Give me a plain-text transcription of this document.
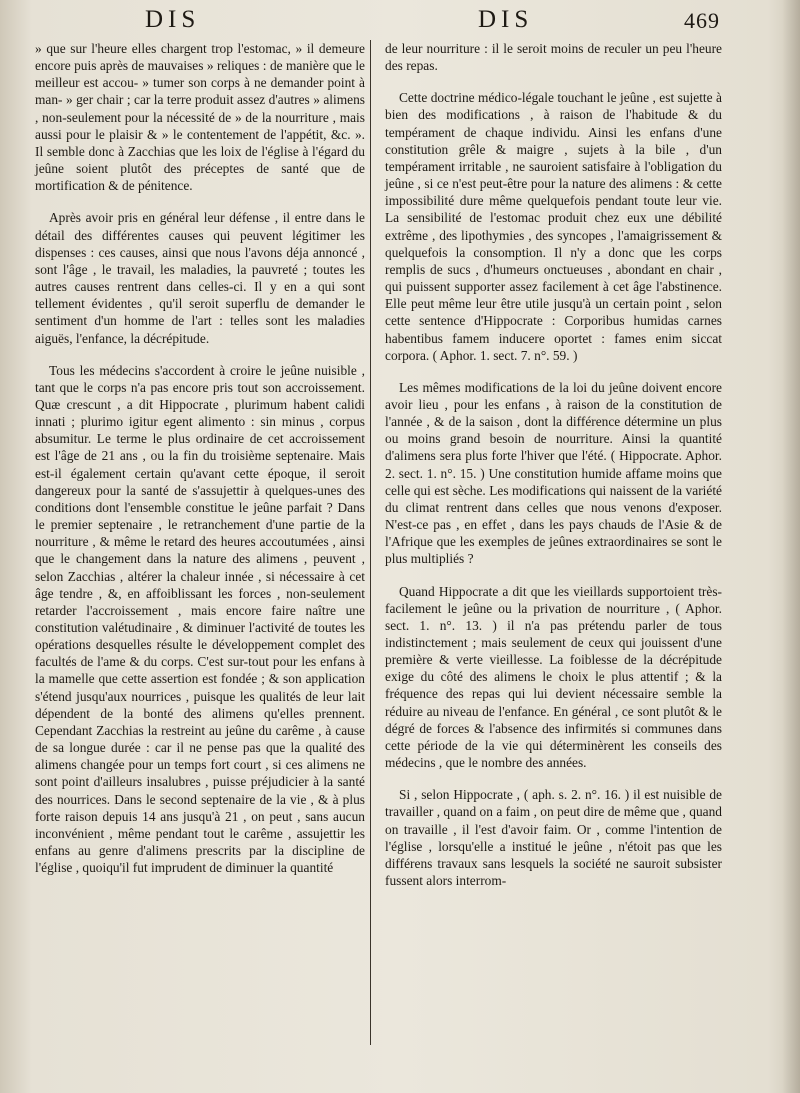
DIS	DIS	469

» que sur l'heure elles chargent trop l'estomac, » il demeure encore puis après de mauvaises » reliques : de manière que le meilleur est accou- » tumer son corps à ne demander point à man- » ger chair ; car la terre produit assez d'autres » alimens , non-seulement pour la nécessité de » de la nourriture , mais aussi pour le plaisir & » le contentement de l'appétit, &c. ». Il semble donc à Zacchias que les loix de l'église à l'égard du jeûne soient plutôt des préceptes de santé que de mortification & de pénitence.

Après avoir pris en général leur défense , il entre dans le détail des différentes causes qui peuvent légitimer les dispenses : ces causes, ainsi que nous l'avons déja annoncé , sont l'âge , le travail, les maladies, la pauvreté ; toutes les autres causes rentrent dans celles-ci. Il y en a qui sont tellement évidentes , qu'il seroit superflu de demander le sentiment d'un homme de l'art : telles sont les maladies aiguës, l'enfance, la décrépitude.

Tous les médecins s'accordent à croire le jeûne nuisible , tant que le corps n'a pas encore pris tout son accroissement. Quæ crescunt , a dit Hippocrate , plurimum habent calidi innati ; plurimo igitur egent alimento : sin minus , corpus absumitur. Le terme le plus ordinaire de cet accroissement est l'âge de 21 ans , ou la fin du troisième septenaire. Mais est-il également certain qu'avant cette époque, il seroit dangereux pour la santé de s'assujettir à quelques-unes des conditions dont l'ensemble constitue le jeûne parfait ? Dans le premier septenaire , le retranchement d'une partie de la nourriture , & même le retard des heures accoutumées , ainsi que le changement dans la nature des alimens , peuvent , selon Zacchias , altérer la chaleur innée , si nécessaire à cet âge tendre , &, en affoiblissant les forces , non-seulement retarder l'accroissement , mais encore faire naître une constitution valétudinaire , & diminuer l'activité de toutes les opérations desquelles résulte le développement complet des facultés de l'ame & du corps. C'est sur-tout pour les enfans à la mamelle que cette assertion est fondée ; & son application s'étend jusqu'aux nourrices , puisque les qualités de leur lait dépendent de la bonté des alimens qu'elles prennent. Cependant Zacchias la restreint au jeûne du carême , à cause de sa longue durée : car il ne pense pas que la qualité des alimens changée pour un temps fort court , si ces alimens ne sont point d'ailleurs insalubres , puisse préjudicier à la santé des nourrices. Dans le second septenaire de la vie , & à plus forte raison depuis 14 ans jusqu'à 21 , on peut , sans aucun inconvénient , même pendant tout le carême , assujettir les enfans au genre d'alimens prescrits par la discipline de l'église , quoiqu'il fut imprudent de diminuer la quantité

de leur nourriture : il le seroit moins de reculer un peu l'heure des repas.

Cette doctrine médico-légale touchant le jeûne , est sujette à bien des modifications , à raison de l'habitude & du tempérament de chaque individu. Ainsi les enfans d'une constitution grêle & maigre , sujets à la bile , d'un tempérament irritable , ne sauroient satisfaire à l'obligation du jeûne , si ce n'est peut-être pour la nature des alimens : & cette impossibilité dure même quelquefois pendant toute leur vie. La sensibilité de l'estomac produit chez eux une débilité extrême , des lipothymies , des syncopes , l'amaigrissement & quelquefois la consomption. Il n'y a donc que les corps remplis de sucs , d'humeurs onctueuses , abondant en chair , qui puissent supporter assez facilement à cet âge l'abstinence. Elle peut même leur être utile jusqu'à un certain point , selon cette sentence d'Hippocrate : Corporibus humidas carnes habentibus famem inducere oportet : fames enim siccat corpora. ( Aphor. 1. sect. 7. n°. 59. )

Les mêmes modifications de la loi du jeûne doivent encore avoir lieu , pour les enfans , à raison de la constitution de l'année , & de la saison , dont la différence détermine un plus ou moins grand besoin de nourriture. Ainsi la quantité d'alimens sera plus forte l'hiver que l'été. ( Hippocrate. Aphor. 2. sect. 1. n°. 15. ) Une constitution humide affame moins que celle qui est sèche. Les modifications qui naissent de la variété du climat rentrent dans celles que nous venons d'exposer. N'est-ce pas , en effet , dans les pays chauds de l'Asie & de l'Afrique que les exemples de jeûnes extraordinaires se sont le plus multipliés ?

Quand Hippocrate a dit que les vieillards supportoient très-facilement le jeûne ou la privation de nourriture , ( Aphor. sect. 1. n°. 13. ) il n'a pas prétendu parler de tous indistinctement ; mais seulement de ceux qui jouissent d'une première & verte vieillesse. La foiblesse de la décrépitude exige du côté des alimens le choix le plus attentif ; & la fréquence des repas qui lui devient nécessaire semble la réduire au niveau de l'enfance. En général , ce sont plutôt & le dégré de forces & l'absence des infirmités si communes dans cette période de la vie qui déterminèrent les conseils des médecins , que le nombre des années.

Si , selon Hippocrate , ( aph. s. 2. n°. 16. ) il est nuisible de travailler , quand on a faim , on peut dire de même que , quand on travaille , il l'est d'avoir faim. Or , comme l'intention de l'église , lorsqu'elle a institué le jeûne , n'étoit pas que les différens travaux sans lesquels la société ne sauroit subsister fussent alors interrom-
